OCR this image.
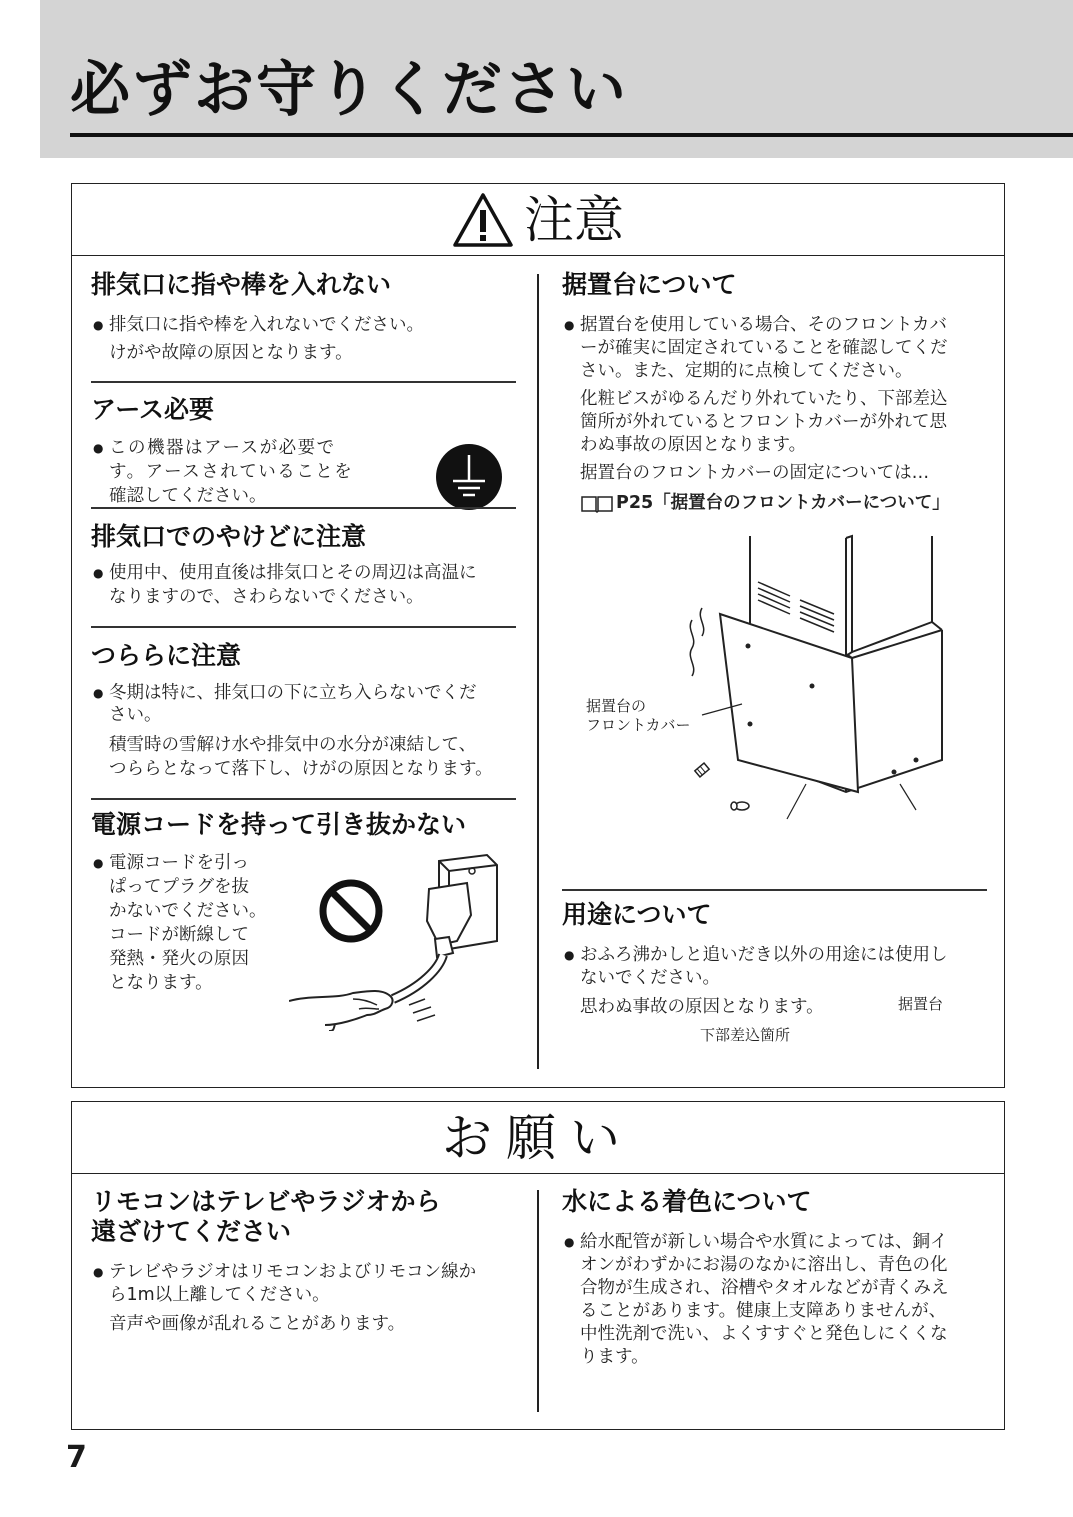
必ずお守りください
注意
排気口に指や棒を入れない
● 排気口に指や棒を入れないでください。
けがや故障の原因となります。
アース必要
● この機器はアースが必要で
す。アースされていることを
確認してください。
排気口でのやけどに注意
● 使用中、使用直後は排気口とその周辺は高温に
なりますので、さわらないでください。
つららに注意
● 冬期は特に、排気口の下に立ち入らないでくだ
さい。
積雪時の雪解け水や排気中の水分が凍結して、
つららとなって落下し、けがの原因となります。
電源コードを持って引き抜かない
● 電源コードを引っ
ぱってプラグを抜
かないでください。
コードが断線して
発熱・発火の原因
となります。
据置台について
● 据置台を使用している場合、そのフロントカバ
ーが確実に固定されていることを確認してくだ
さい。また、定期的に点検してください。
化粧ビスがゆるんだり外れていたり、下部差込
箇所が外れているとフロントカバーが外れて思
わぬ事故の原因となります。
据置台のフロントカバーの固定については…
P25「据置台のフロントカバーについて」
据置台の
フロントカバー
据置台
下部差込箇所
用途について
● おふろ沸かしと追いだき以外の用途には使用し
ないでください。
思わぬ事故の原因となります。
お願い
リモコンはテレビやラジオから
遠ざけてください
● テレビやラジオはリモコンおよびリモコン線か
ら1m以上離してください。
音声や画像が乱れることがあります。
水による着色について
● 給水配管が新しい場合や水質によっては、銅イ
オンがわずかにお湯のなかに溶出し、青色の化
合物が生成され、浴槽やタオルなどが青くみえ
ることがあります。健康上支障ありませんが、
中性洗剤で洗い、よくすすぐと発色しにくくな
ります。
7
